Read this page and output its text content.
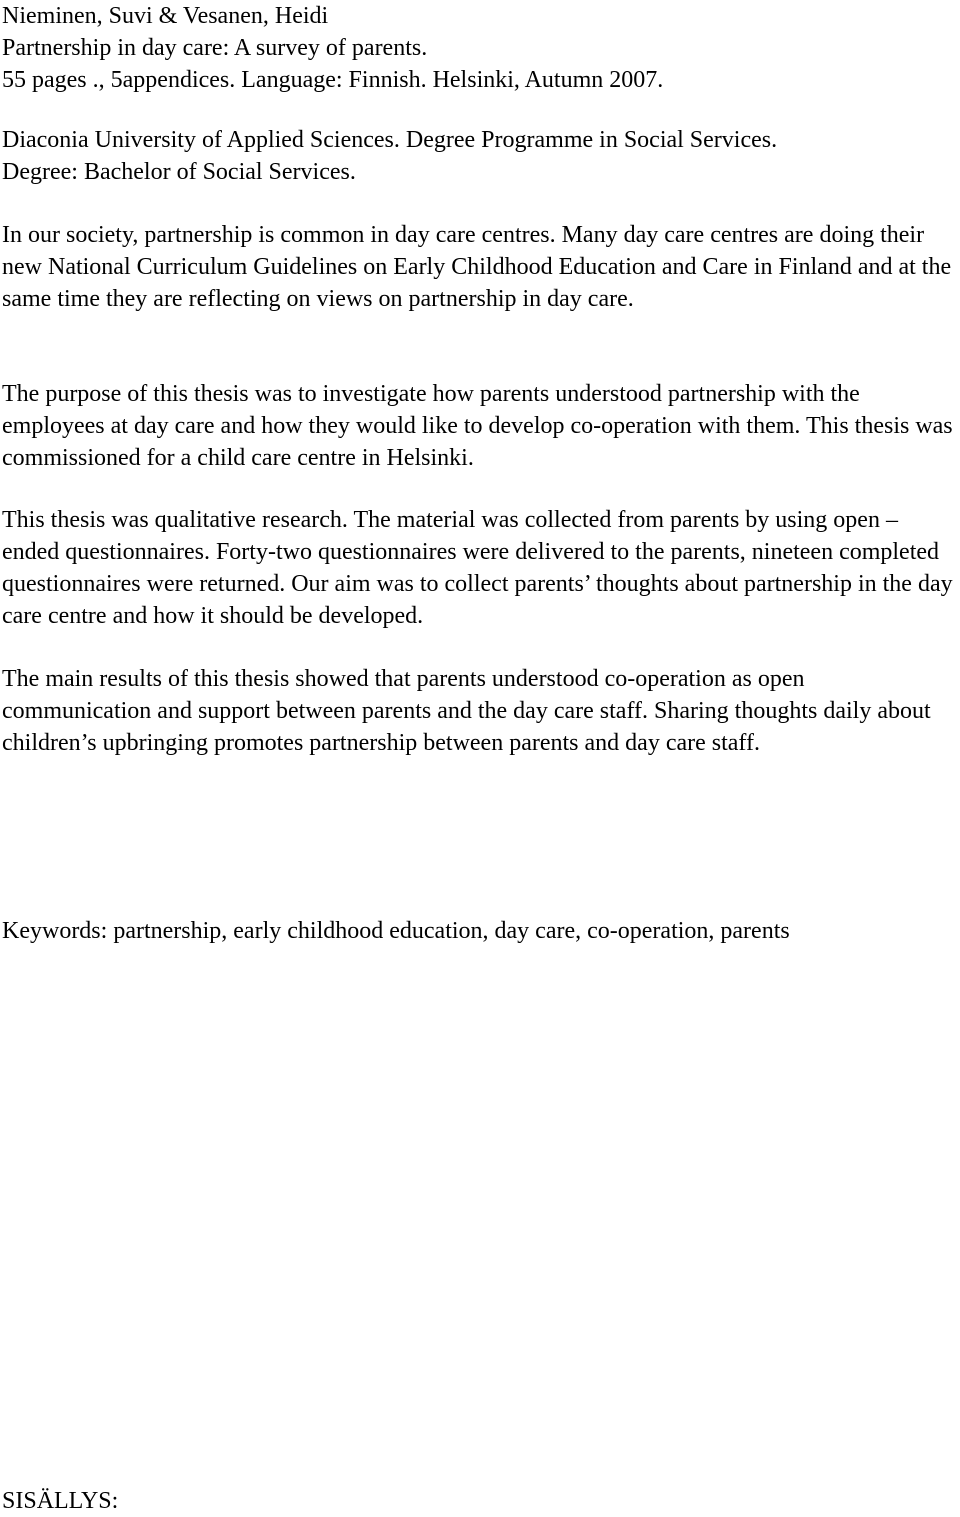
Nieminen, Suvi & Vesanen, Heidi
Partnership in day care: A survey of parents.
55 pages ., 5appendices. Language: Finnish. Helsinki, Autumn 2007.
Diaconia University of Applied Sciences. Degree Programme in Social Services.
Degree: Bachelor of Social Services.

In our society, partnership is common in day care centres. Many day care centres are doing their new National Curriculum Guidelines on Early Childhood Education and Care in Finland and at the same time they are reflecting on views on partnership in day care.

The purpose of this thesis was to investigate how parents understood partnership with the employees at day care and how they would like to develop co-operation with them. This thesis was commissioned for a child care centre in Helsinki.

This thesis was qualitative research. The material was collected from parents by using open – ended questionnaires. Forty-two questionnaires were delivered to the parents, nineteen completed questionnaires were returned. Our aim was to collect parents’ thoughts about partnership in the day care centre and how it should be developed.

The main results of this thesis showed that parents understood co-operation as open communication and support between parents and the day care staff. Sharing thoughts daily about children’s upbringing promotes partnership between parents and day care staff.

Keywords: partnership, early childhood education, day care, co-operation, parents
SISÄLLYS:
